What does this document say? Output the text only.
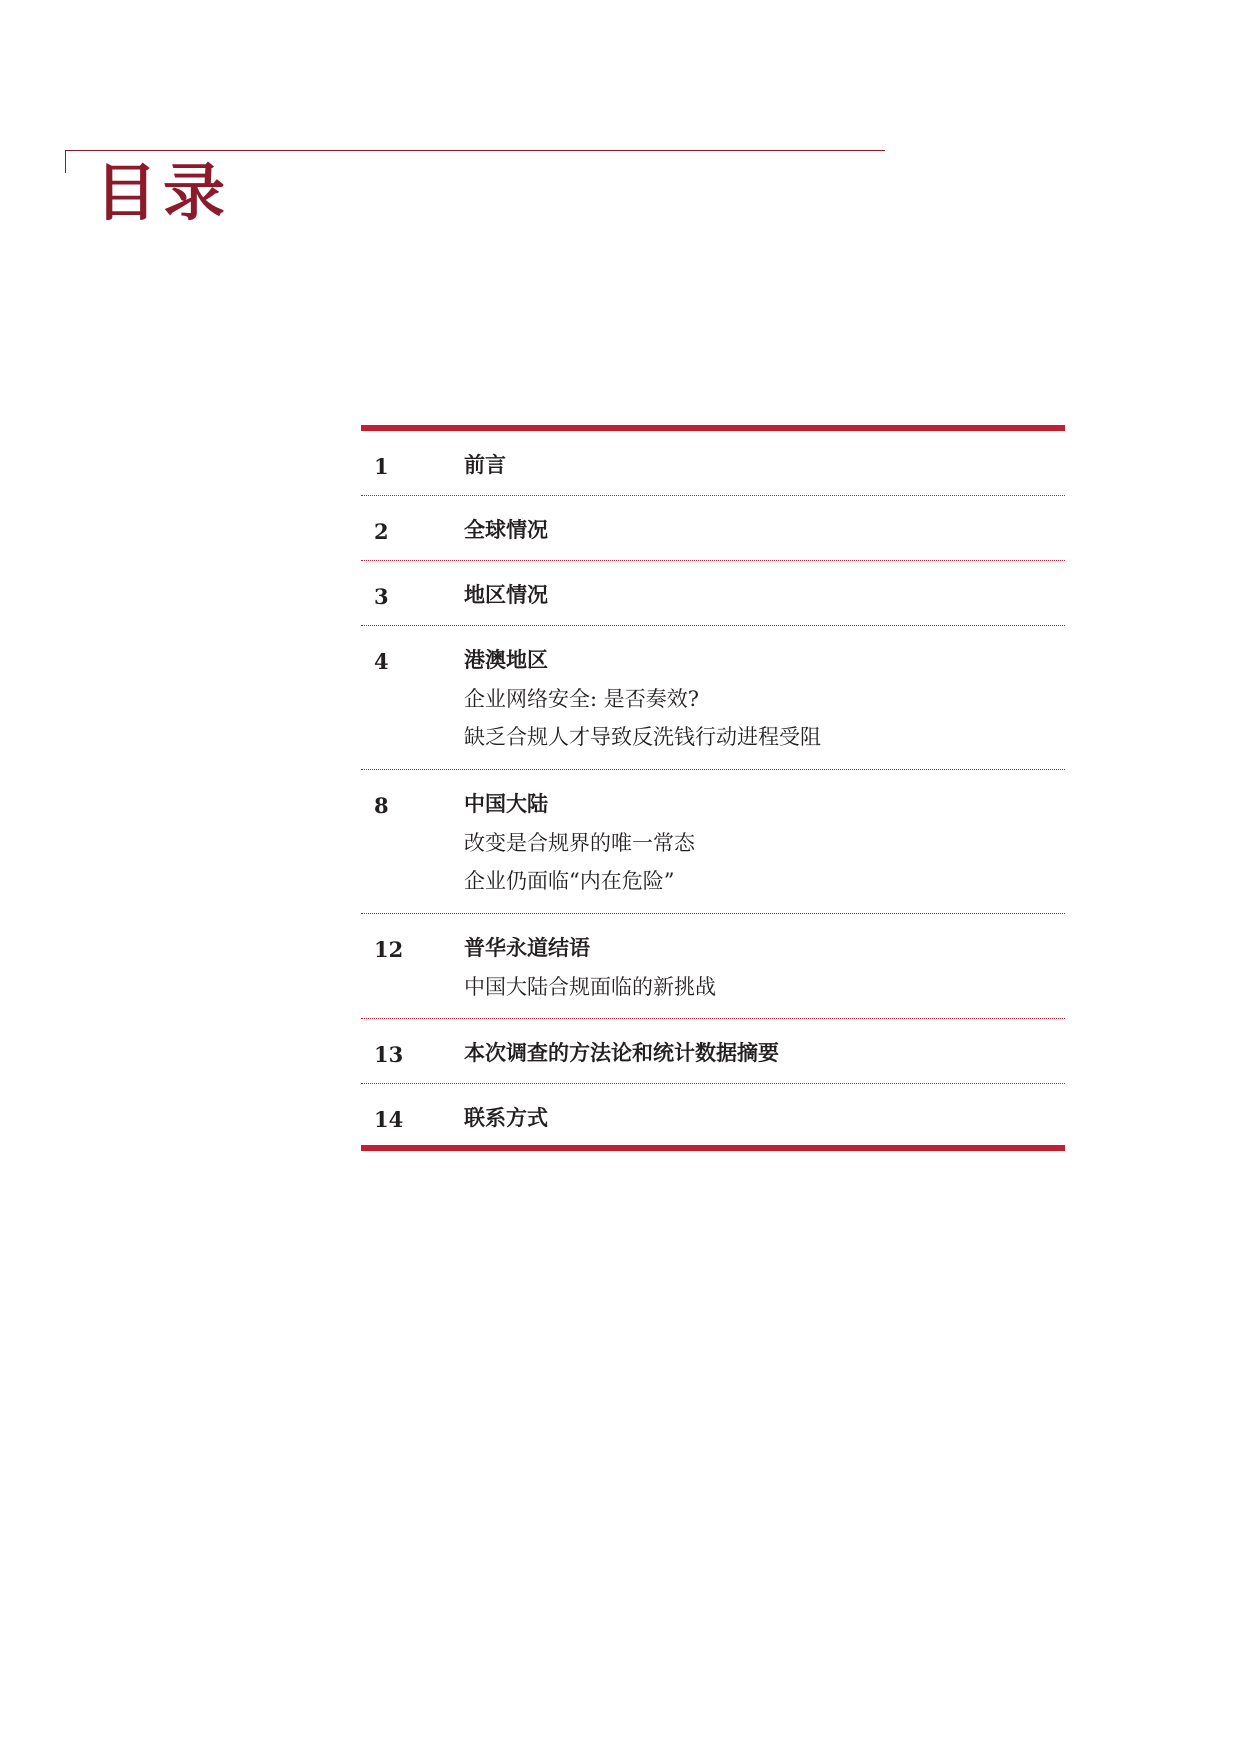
目录
1	前言
2	全球情况
3	地区情况
4	港澳地区
企业网络安全: 是否奏效?
缺乏合规人才导致反洗钱行动进程受阻
8	中国大陆
改变是合规界的唯一常态
企业仍面临“内在危险”
12	普华永道结语
中国大陆合规面临的新挑战
13	本次调查的方法论和统计数据摘要
14	联系方式
